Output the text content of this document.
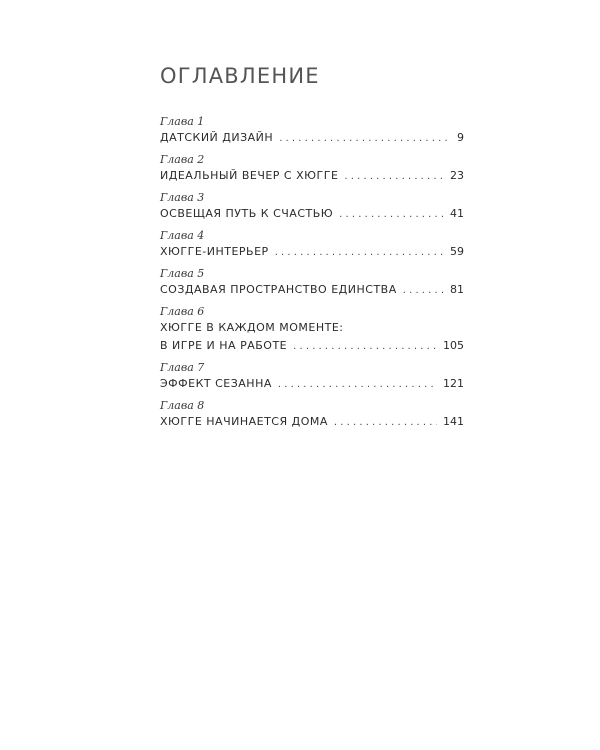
ОГЛАВЛЕНИЕ
Глава 1
ДАТСКИЙ ДИЗАЙН . . .	9
Глава 2
ИДЕАЛЬНЫЙ ВЕЧЕР С ХЮГГЕ . . .	23
Глава 3
ОСВЕЩАЯ ПУТЬ К СЧАСТЬЮ . . .	41
Глава 4
ХЮГГЕ-ИНТЕРЬЕР . . .	59
Глава 5
СОЗДАВАЯ ПРОСТРАНСТВО ЕДИНСТВА . . .	81
Глава 6
ХЮГГЕ В КАЖДОМ МОМЕНТЕ:
В ИГРЕ И НА РАБОТЕ . . .	105
Глава 7
ЭФФЕКТ СЕЗАННА . . .	121
Глава 8
ХЮГГЕ НАЧИНАЕТСЯ ДОМА . . .	141
